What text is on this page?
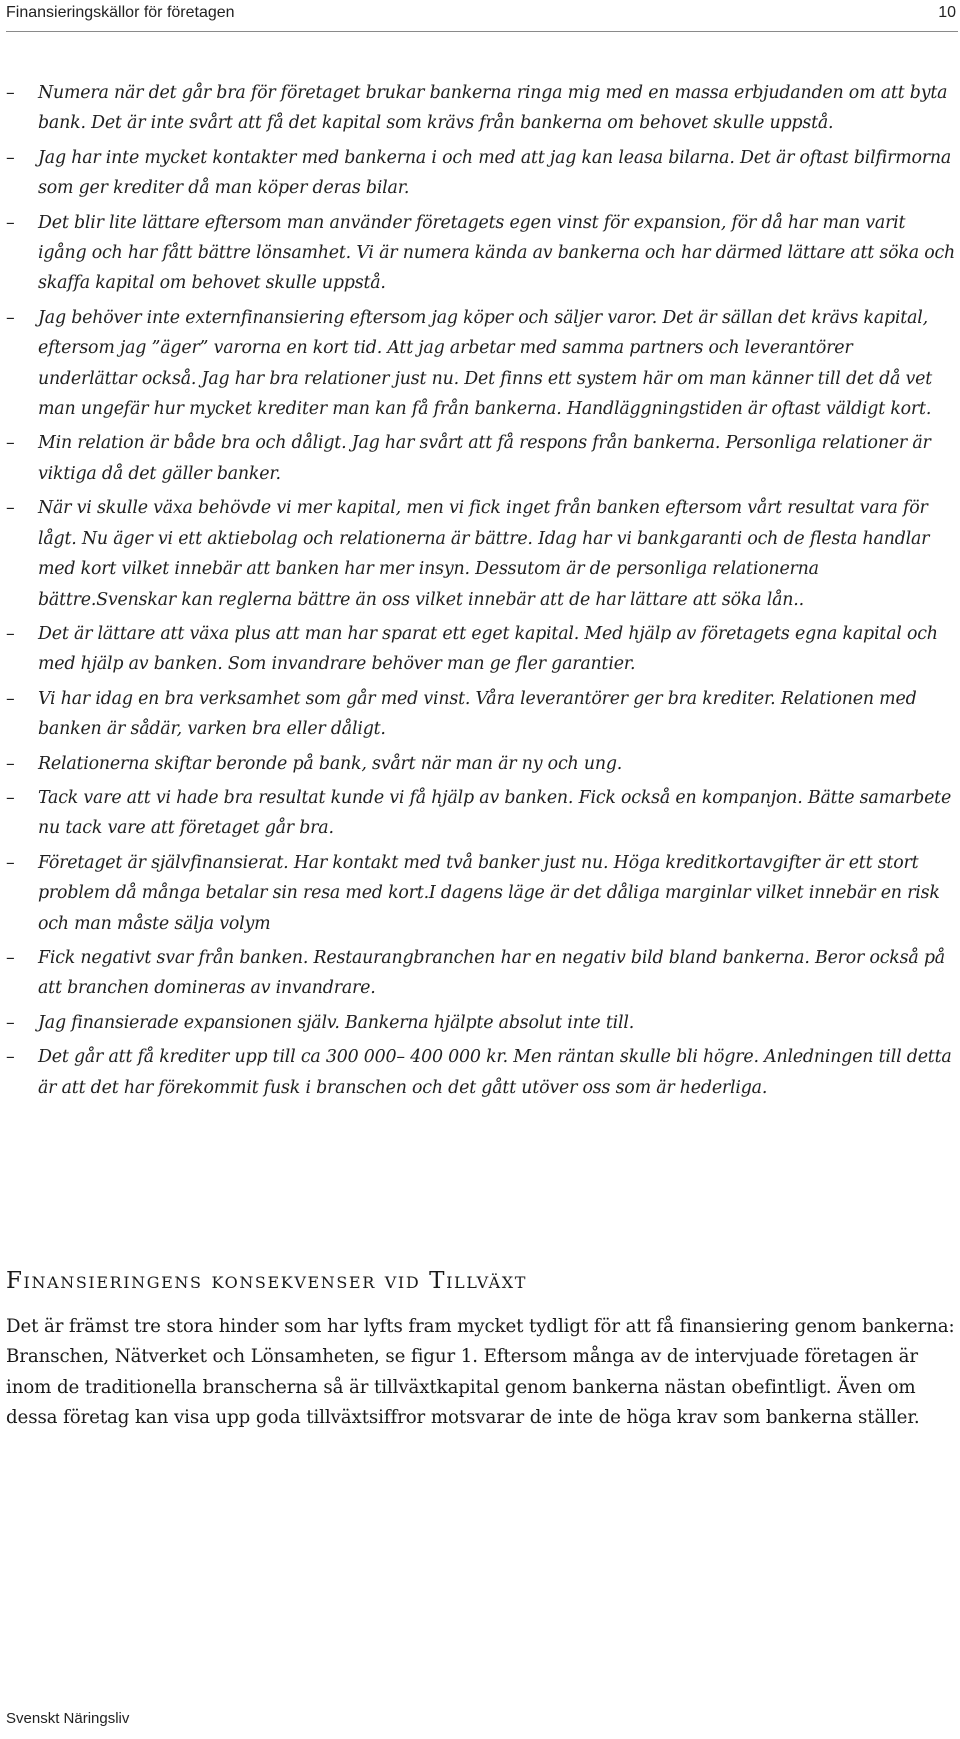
Finansieringskällor för företagen	10
– Numera när det går bra för företaget brukar bankerna ringa mig med en massa erbjudanden om att byta bank. Det är inte svårt att få det kapital som krävs från bankerna om behovet skulle uppstå.
– Jag har inte mycket kontakter med bankerna i och med att jag kan leasa bilarna. Det är oftast bilfirmorna som ger krediter då man köper deras bilar.
– Det blir lite lättare eftersom man använder företagets egen vinst för expansion, för då har man varit igång och har fått bättre lönsamhet. Vi är numera kända av bankerna och har därmed lättare att söka och skaffa kapital om behovet skulle uppstå.
– Jag behöver inte externfinansiering eftersom jag köper och säljer varor. Det är sällan det krävs kapital, eftersom jag ”äger” varorna en kort tid. Att jag arbetar med samma partners och leverantörer underlättar också. Jag har bra relationer just nu. Det finns ett system här om man känner till det då vet man ungefär hur mycket krediter man kan få från bankerna. Handläggningstiden är oftast väldigt kort.
– Min relation är både bra och dåligt. Jag har svårt att få respons från bankerna. Personliga relationer är viktiga då det gäller banker.
– När vi skulle växa behövde vi mer kapital, men vi fick inget från banken eftersom vårt resultat vara för lågt. Nu äger vi ett aktiebolag och relationerna är bättre. Idag har vi bankgaranti och de flesta handlar med kort vilket innebär att banken har mer insyn. Dessutom är de personliga relationerna bättre.Svenskar kan reglerna bättre än oss vilket innebär att de har lättare att söka lån..
– Det är lättare att växa plus att man har sparat ett eget kapital. Med hjälp av företagets egna kapital och med hjälp av banken. Som invandrare behöver man ge fler garantier.
– Vi har idag en bra verksamhet som går med vinst. Våra leverantörer ger bra krediter. Relationen med banken är sådär, varken bra eller dåligt.
– Relationerna skiftar beronde på bank, svårt när man är ny och ung.
– Tack vare att vi hade bra resultat kunde vi få hjälp av banken. Fick också en kompanjon. Bätte samarbete nu tack vare att företaget går bra.
– Företaget är självfinansierat. Har kontakt med två banker just nu. Höga kreditkortavgifter är ett stort problem då många betalar sin resa med kort.I dagens läge är det dåliga marginlar vilket innebär en risk och man måste sälja volym
– Fick negativt svar från banken. Restaurangbranchen har en negativ bild bland bankerna. Beror också på att branchen domineras av invandrare.
– Jag finansierade expansionen själv. Bankerna hjälpte absolut inte till.
– Det går att få krediter upp till ca 300 000– 400 000 kr. Men räntan skulle bli högre. Anledningen till detta är att det har förekommit fusk i branschen och det gått utöver oss som är hederliga.
Finansieringens konsekvenser vid Tillväxt

Det är främst tre stora hinder som har lyfts fram mycket tydligt för att få finansiering genom bankerna: Branschen, Nätverket och Lönsamheten, se figur 1. Eftersom många av de intervjuade företagen är inom de traditionella branscherna så är tillväxtkapital genom bankerna nästan obefintligt. Även om dessa företag kan visa upp goda tillväxtsiffror motsvarar de inte de höga krav som bankerna ställer.

Svenskt Näringsliv
